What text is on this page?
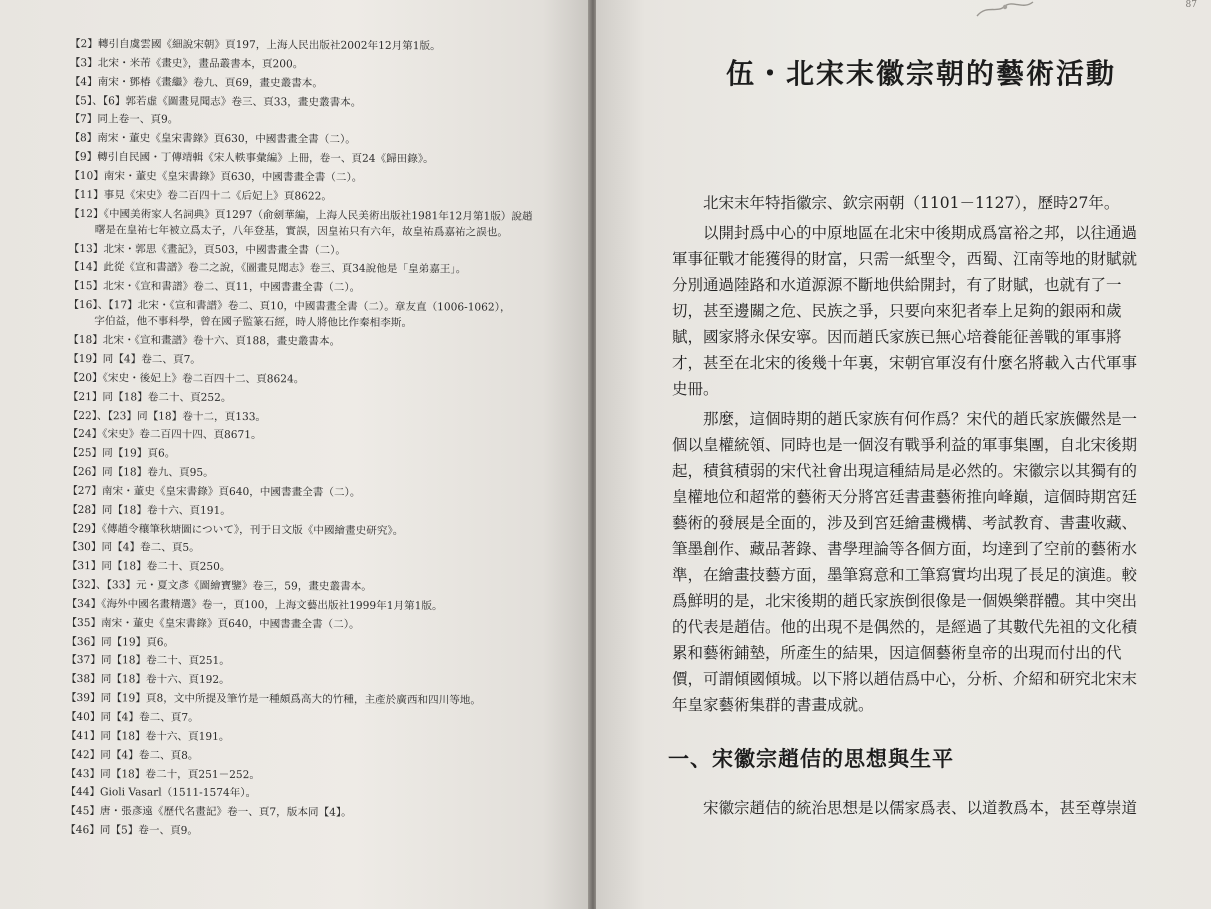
【2】轉引自虞雲國《細說宋朝》頁197，上海人民出版社2002年12月第1版。
【3】北宋・米芾《畫史》，畫品叢書本，頁200。
【4】南宋・鄧椿《畫繼》卷九、頁69，畫史叢書本。
【5】、【6】郭若虛《圖畫見聞志》卷三、頁33，畫史叢書本。
【7】同上卷一、頁9。
【8】南宋・董史《皇宋書錄》頁630，中國書畫全書（二）。
【9】轉引自民國・丁傳靖輯《宋人軼事彙編》上冊，卷一、頁24《歸田錄》。
【10】南宋・董史《皇宋書錄》頁630，中國書畫全書（二）。
【11】事見《宋史》卷二百四十二《后妃上》頁8622。
【12】《中國美術家人名詞典》頁1297（俞劍華編，上海人民美術出版社1981年12月第1版）說趙
曙是在皇祐七年被立爲太子，八年登基，實誤，因皇祐只有六年，故皇祐爲嘉祐之誤也。
【13】北宋・郭思《畫記》，頁503，中國書畫全書（二）。
【14】此從《宣和書譜》卷二之說，《圖畫見聞志》卷三、頁34說他是「皇弟嘉王」。
【15】北宋・《宣和書譜》卷二、頁11，中國書畫全書（二）。
【16】、【17】北宋・《宣和書譜》卷二、頁10，中國書畫全書（二）。章友直（1006-1062），
字伯益，他不事科學，曾在國子監篆石經，時人將他比作秦相李斯。
【18】北宋・《宣和畫譜》卷十六、頁188，畫史叢書本。
【19】同【4】卷二、頁7。
【20】《宋史・後妃上》卷二百四十二、頁8624。
【21】同【18】卷二十、頁252。
【22】、【23】同【18】卷十二，頁133。
【24】《宋史》卷二百四十四、頁8671。
【25】同【19】頁6。
【26】同【18】卷九、頁95。
【27】南宋・董史《皇宋書錄》頁640，中國書畫全書（二）。
【28】同【18】卷十六、頁191。
【29】《傳趙令穰筆秋塘圖について》，刊于日文版《中國繪畫史研究》。
【30】同【4】卷二、頁5。
【31】同【18】卷二十、頁250。
【32】、【33】元・夏文彥《圖繪寶鑒》卷三，59，畫史叢書本。
【34】《海外中國名畫精選》卷一，頁100，上海文藝出版社1999年1月第1版。
【35】南宋・董史《皇宋書錄》頁640，中國書畫全書（二）。
【36】同【19】頁6。
【37】同【18】卷二十、頁251。
【38】同【18】卷十六、頁192。
【39】同【19】頁8，文中所提及筆竹是一種頗爲高大的竹種，主產於廣西和四川等地。
【40】同【4】卷二、頁7。
【41】同【18】卷十六、頁191。
【42】同【4】卷二、頁8。
【43】同【18】卷二十，頁251－252。
【44】Gioli Vasarl（1511-1574年）。
【45】唐・張彥遠《歷代名畫記》卷一、頁7，版本同【4】。
【46】同【5】卷一、頁9。
87
伍・北宋末徽宗朝的藝術活動

北宋末年特指徽宗、欽宗兩朝（1101－1127），歷時27年。

以開封爲中心的中原地區在北宋中後期成爲富裕之邦，以往通過軍事征戰才能獲得的財富，只需一紙聖令，西蜀、江南等地的財賦就分別通過陸路和水道源源不斷地供給開封，有了財賦，也就有了一切，甚至邊關之危、民族之爭，只要向來犯者奉上足夠的銀兩和歲賦，國家將永保安寧。因而趙氏家族已無心培養能征善戰的軍事將才，甚至在北宋的後幾十年裏，宋朝官軍沒有什麼名將載入古代軍事史冊。

那麼，這個時期的趙氏家族有何作爲？宋代的趙氏家族儼然是一個以皇權統領、同時也是一個沒有戰爭利益的軍事集團，自北宋後期起，積貧積弱的宋代社會出現這種結局是必然的。宋徽宗以其獨有的皇權地位和超常的藝術天分將宮廷書畫藝術推向峰巔，這個時期宮廷藝術的發展是全面的，涉及到宮廷繪畫機構、考試教育、書畫收藏、筆墨創作、藏品著錄、書學理論等各個方面，均達到了空前的藝術水準，在繪畫技藝方面，墨筆寫意和工筆寫實均出現了長足的演進。較爲鮮明的是，北宋後期的趙氏家族倒很像是一個娛樂群體。其中突出的代表是趙佶。他的出現不是偶然的，是經過了其數代先祖的文化積累和藝術鋪墊，所產生的結果，因這個藝術皇帝的出現而付出的代價，可謂傾國傾城。以下將以趙佶爲中心，分析、介紹和研究北宋末年皇家藝術集群的書畫成就。

一、宋徽宗趙佶的思想與生平
宋徽宗趙佶的統治思想是以儒家爲表、以道教爲本，甚至尊崇道
